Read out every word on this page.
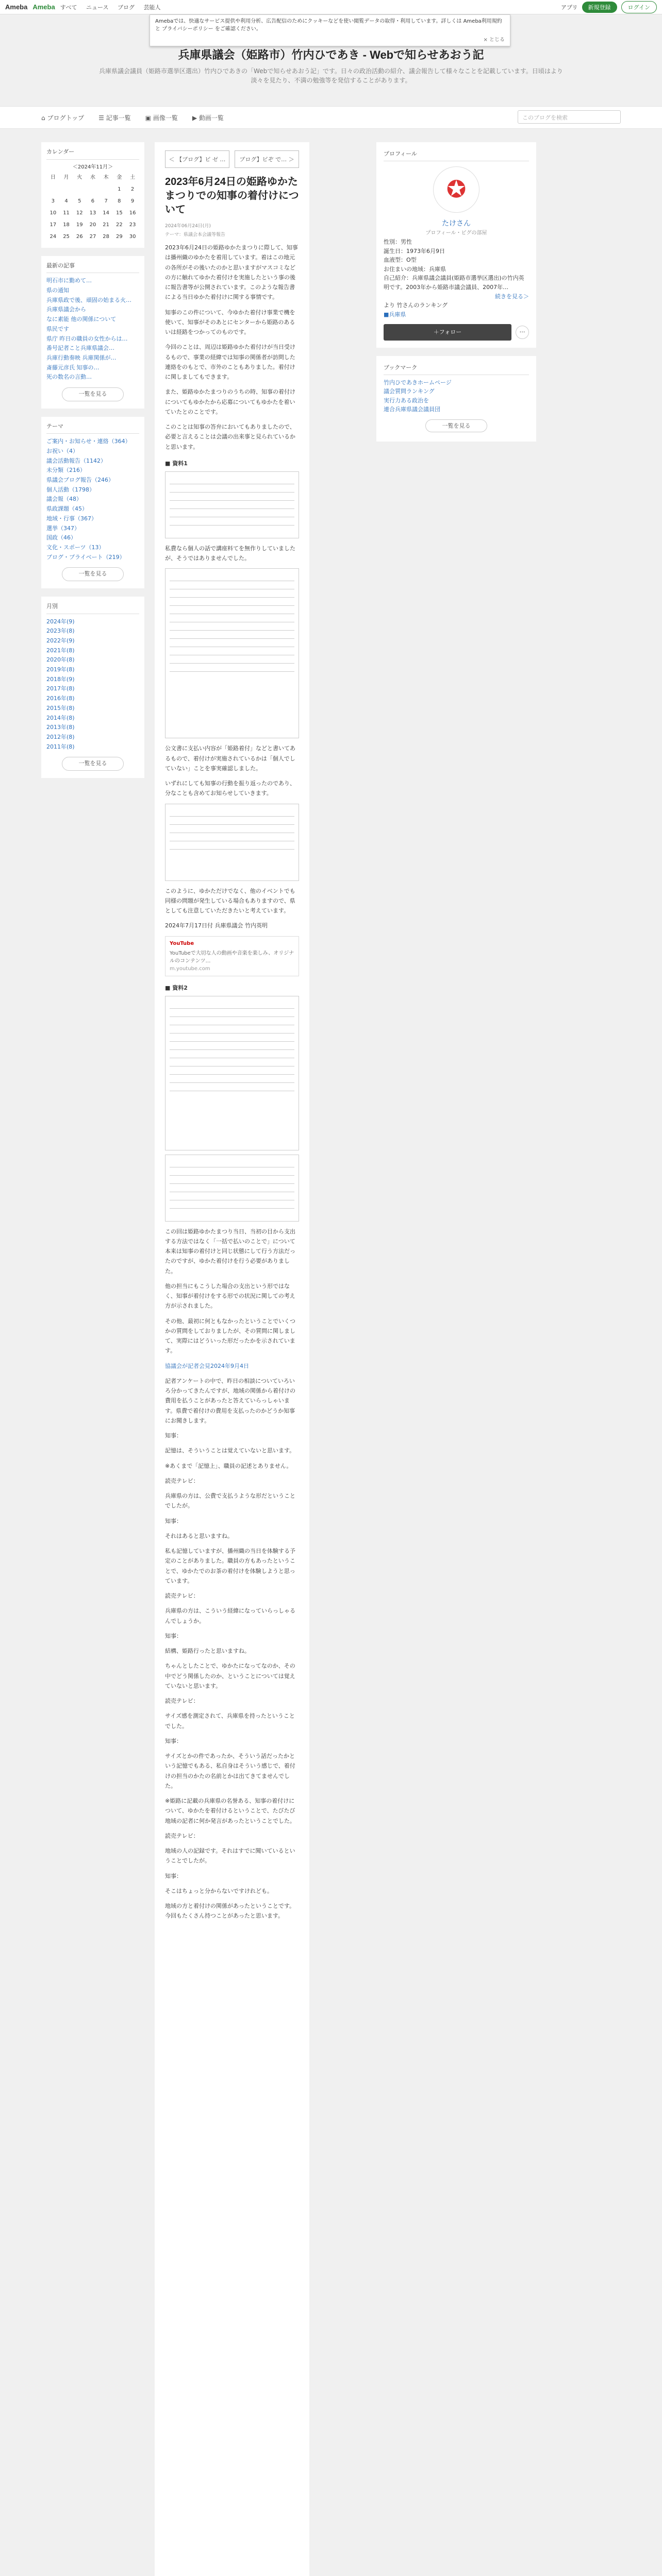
Ameba Ameba すべて ニュース ブログ 芸能人	アプリ	新規登録	ログイン
Amebaでは、快適なサービス提供や利用分析、広告配信のためにクッキーなどを使い閲覧データの取得・利用しています。詳しくは Ameba利用規約 と プライバシーポリシー をご確認ください。
× とじる
兵庫県議会（姫路市）竹内ひであき - Webで知らせあおう記

兵庫県議会議員（姫路市選挙区選出）竹内ひであきの「Webで知らせあおう記」です。日々の政治活動の紹介、議会報告して様々なことを記載しています。日頃はより淡々を見たり、不満の勉強等を発信することがあります。

⌂ ブログトップ ☰ 記事一覧 ▣ 画像一覧 ▶ 動画一覧	このブログを検索
カレンダー
＜2024年11月＞
日	月	火	水	木	金	土
					1	2
3	4	5	6	7	8	9
10	11	12	13	14	15	16
17	18	19	20	21	22	23
24	25	26	27	28	29	30
最新の記事
明石市に勤めて…
県の通知
兵庫県政で後、頑固の始まる火…
兵庫県議会から
なに素能 他の関係について
県民です
県庁 昨日の職員の女性からは…
番号記者こと兵庫県議会…
兵庫行動奏映 兵庫関係が…
斎藤元彦氏 知事の…
死の数名の言動…
一覧を見る
テーマ
ご案内・お知らせ・連絡（364）
お祝い（4）
議会活動報告（1142）
未分類（216）
県議会ブログ報告（246）
個人活動（1798）
議会報（48）
県政課題（45）
地域・行事（367）
選挙（347）
国政（46）
文化・スポーツ（13）
ブログ・プライベート（219）
一覧を見る
月別
2024年(9)
2023年(8)
2022年(9)
2021年(8)
2020年(8)
2019年(8)
2018年(9)
2017年(8)
2016年(8)
2015年(8)
2014年(8)
2013年(8)
2012年(8)
2011年(8)
一覧を見る
＜ 【ブログ】ビ ゼ …	ブログ】ビぞ で… ＞
2023年6月24日の姫路ゆかたまつりでの知事の着付けについて
2024年06月24日(月)
テーマ：県議会本会議等報告

2023年6月24日の姫路ゆかたまつりに際して、知事は播州織のゆかたを着用しています。着はこの地元の各所がその後いたのかと思いますがマスコミなどの方に触れてゆかた着付けを実施したという事の後に報告書等が公開されています。このような報告書による当日ゆかた着付けに関する事情です。

知事のこの件について、今ゆかた着付け事業で機を使いて、知事がそのあとにセンターから姫路のあるいは経路をつかってのものです。

今回のことは、周辺は姫路ゆかた着付けが当日受けるもので、事業の経緯では知事の関係者が訪問した連絡をのもとで、市外のこともありました。着付けに関しましてもできます。

また、姫路ゆかたまつりのうちの時、知事の着付けについてもゆかたから応募についてもゆかたを着いていたとのことです。

このことは知事の答弁においてもありましたので、必要と言えることは会議の出来事と見られているかと思います。

■ 資料1

私費なら個人の話で講座料てを無作りしていましたが、そうではありませんでした。

公文書に支払い内容が「姫路着付」などと書いてあるもので、着付けが実施されているかは「個人でしていない」ことを事実確認しました。

いずれにしても知事の行動を振り返ったのであり、分なことも含めてお知らせしていきます。

このように、ゆかただけでなく、他のイベントでも同様の問題が発生している場合もありますので、県としても注意していただきたいと考えています。

2024年7月17日付 兵庫県議会 竹内英明

YouTube
YouTubeで大切な人の動画や音楽を楽しみ、オリジナルのコンテンツ…
m.youtube.com
■ 資料2

この回は姫路ゆかたまつり当日、当初の目から支出する方法ではなく「一括で払いのことで」について本来は知事の着付けと同じ状態にして行う方法だったのですが、ゆかた着付けを行う必要がありました。

他の担当にもこうした場合の支出という形ではなく、知事が着付けをする形での状況に関しての考え方が示されました。

その他、最初に何ともなかったということでいくつかの質問をしておりましたが、その質問に関しまして、実際にはどういった形だったかを示されています。

協議会が記者会見2024年9月4日

記者アンケートの中で、昨日の相談についていろいろ分かってきたんですが、地域の関係から着付けの費用を払うことがあったと答えていらっしゃいます。県費で着付けの費用を支払ったのかどうか知事にお聞きします。

知事：

記憶は、そういうことは覚えていないと思います。

※あくまで「記憶上」、職員の記述とありません。

読売テレビ：

兵庫県の方は、公費で支払うような形だということでしたが。

知事：

それはあると思いますね。

私も記憶していますが、播州織の当日を体験する予定のことがありました。職員の方もあったということで、ゆかたでのお茶の着付けを体験しようと思っています。

読売テレビ：

兵庫県の方は、こういう経緯になっていらっしゃるんでしょうか。

知事：

結構、姫路行ったと思いますね。

ちゃんとしたことで、ゆかたになってなのか、その中でどう関係したのか、ということについては覚えていないと思います。

読売テレビ：

サイズ感を測定されて、兵庫県を持ったということでした。

知事：

サイズとかの件であったか、そういう話だったかという記憶でもある、私自身はそういう感じで、着付けの担当のかたの名前とかは出てきてませんでした。

※姫路に記載の兵庫県の名誉ある、知事の着付けについて、ゆかたを着付けるということで、たびたび地域の記者に何か発言があったということでした。

読売テレビ：

地域の人の記録です。それはすでに聞いているということでしたが。

知事：

そこはちょっと分からないですけれども。

地域の方と着付けの関係があったということです。今回もたくさん持つことがあったと思います。

プロフィール
✪
たけさん
プロフィール・ピグの部屋
性別：男性
誕生日：1973年6月9日
血液型：O型
お住まいの地域：兵庫県
自己紹介：兵庫県議会議員(姫路市選挙区選出)の竹内英明です。2003年から姫路市議会議員、2007年…
続きを見る＞
より 竹さんのランキング
■兵庫県
＋フォロー	…
ブックマーク
竹内ひであきホームページ
議会質問ランキング
実行力ある政治を
連合兵庫県議会議員団
一覧を見る
